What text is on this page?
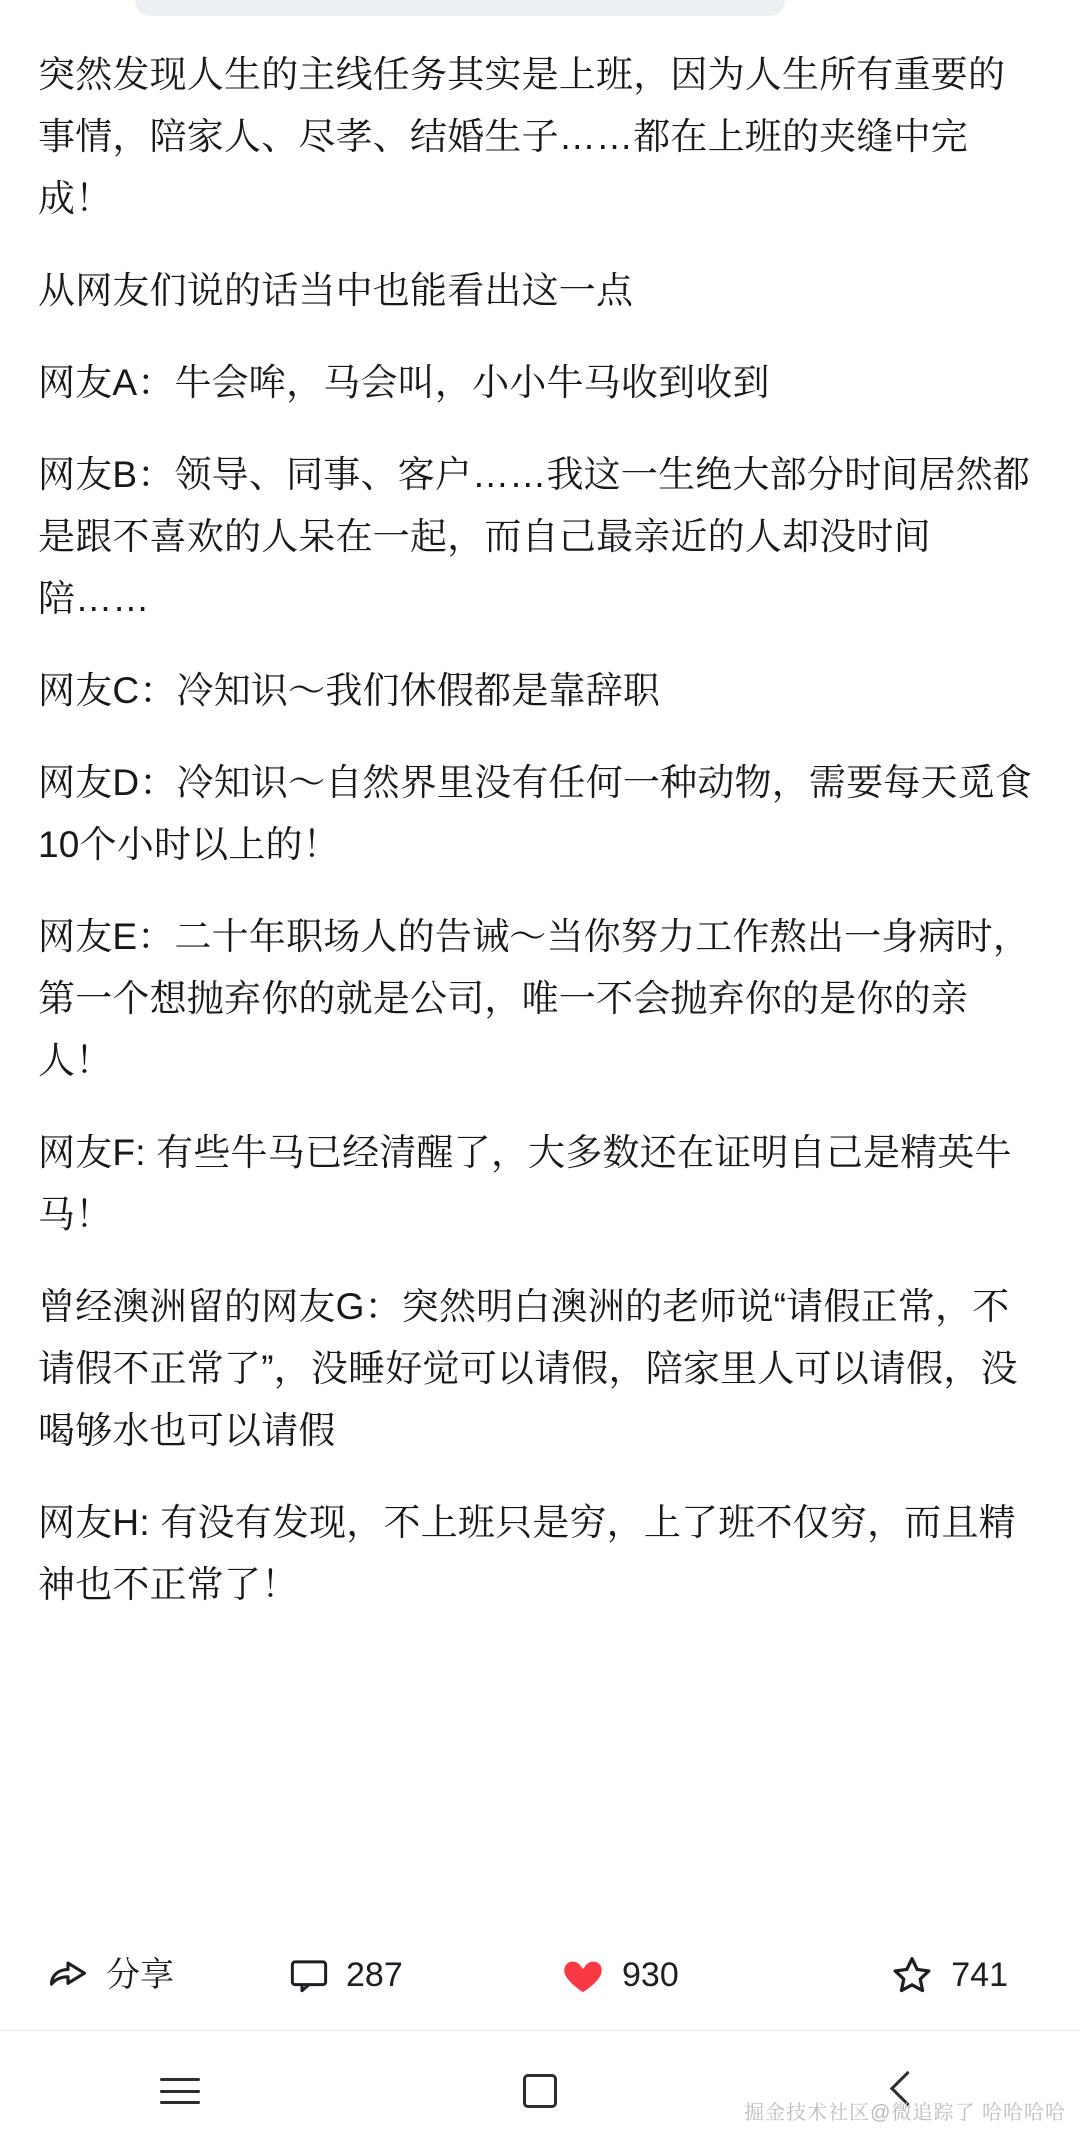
突然发现人生的主线任务其实是上班，因为人生所有重要的事情，陪家人、尽孝、结婚生子……都在上班的夹缝中完成！

从网友们说的话当中也能看出这一点

网友A：牛会哞，马会叫，小小牛马收到收到

网友B：领导、同事、客户……我这一生绝大部分时间居然都是跟不喜欢的人呆在一起，而自己最亲近的人却没时间陪……

网友C：冷知识～我们休假都是靠辞职

网友D：冷知识～自然界里没有任何一种动物，需要每天觅食10个小时以上的！

网友E：二十年职场人的告诫～当你努力工作熬出一身病时，第一个想抛弃你的就是公司，唯一不会抛弃你的是你的亲人！

网友F: 有些牛马已经清醒了，大多数还在证明自己是精英牛马！

曾经澳洲留的网友G：突然明白澳洲的老师说“请假正常，不请假不正常了”，没睡好觉可以请假，陪家里人可以请假，没喝够水也可以请假

网友H: 有没有发现，不上班只是穷，上了班不仅穷，而且精神也不正常了！

分享	287	930	741
掘金技术社区@微追踪了 哈哈哈哈
